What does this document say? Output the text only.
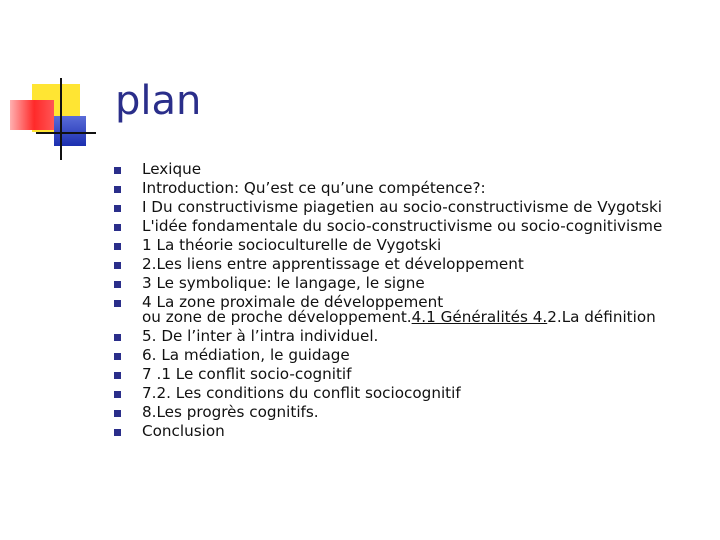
plan
Lexique
Introduction: Qu’est ce qu’une compétence?:
I Du constructivisme piagetien au socio-constructivisme de Vygotski
L'idée fondamentale du socio-constructivisme ou socio-cognitivisme
1 La théorie socioculturelle de Vygotski
2.Les liens entre apprentissage et développement
3 Le symbolique: le langage, le signe
4 La zone proximale de développement
ou zone de proche développement.4.1 Généralités 4.2.La définition
5. De l’inter à l’intra individuel.
6. La médiation, le guidage
7 .1 Le conflit socio-cognitif
7.2. Les conditions du conflit sociocognitif
8.Les progrès cognitifs.
Conclusion
